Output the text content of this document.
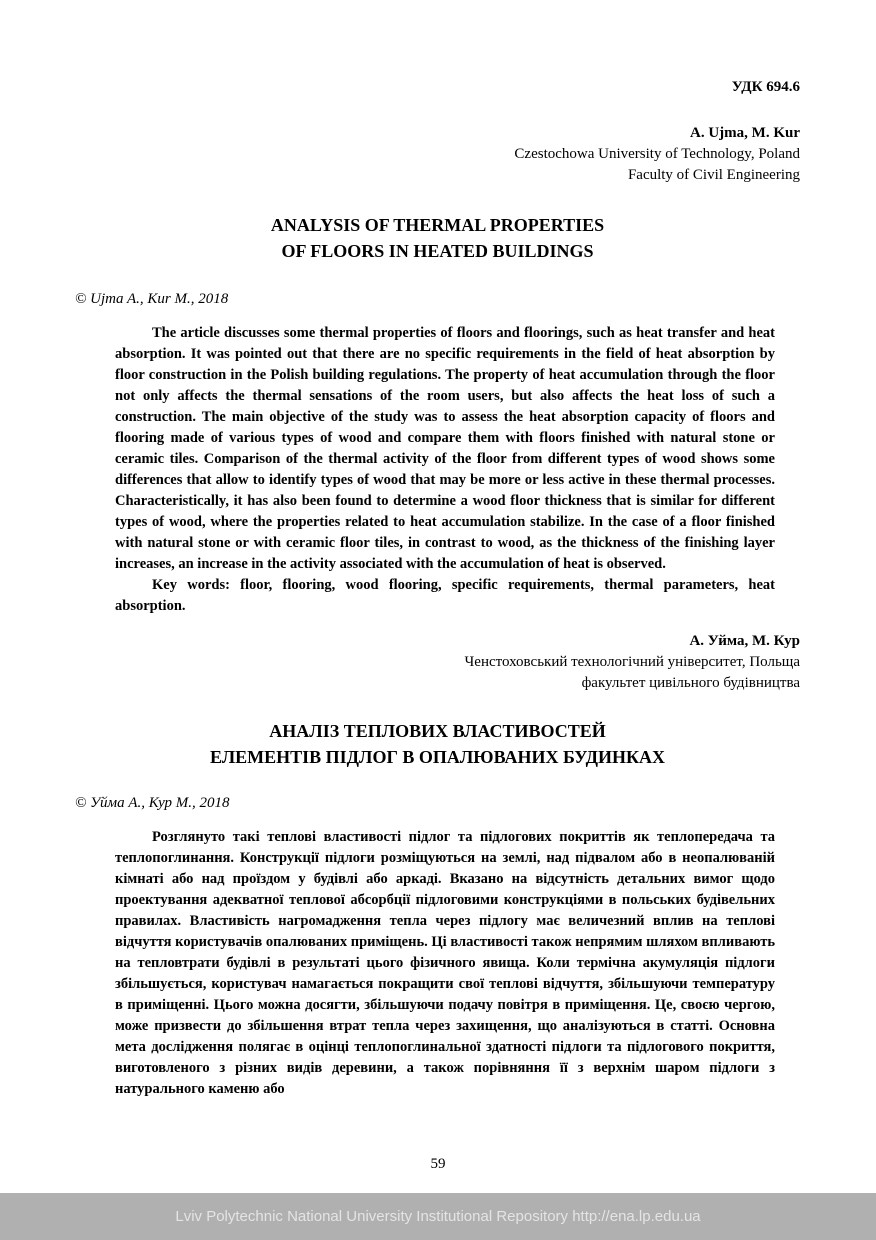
УДК 694.6
A. Ujma, M. Kur
Czestochowa University of Technology, Poland
Faculty of Civil Engineering
ANALYSIS OF THERMAL PROPERTIES
OF FLOORS IN HEATED BUILDINGS
© Ujma A., Kur M., 2018

The article discusses some thermal properties of floors and floorings, such as heat transfer and heat absorption. It was pointed out that there are no specific requirements in the field of heat absorption by floor construction in the Polish building regulations. The property of heat accumulation through the floor not only affects the thermal sensations of the room users, but also affects the heat loss of such a construction. The main objective of the study was to assess the heat absorption capacity of floors and flooring made of various types of wood and compare them with floors finished with natural stone or ceramic tiles. Comparison of the thermal activity of the floor from different types of wood shows some differences that allow to identify types of wood that may be more or less active in these thermal processes. Characteristically, it has also been found to determine a wood floor thickness that is similar for different types of wood, where the properties related to heat accumulation stabilize. In the case of a floor finished with natural stone or with ceramic floor tiles, in contrast to wood, as the thickness of the finishing layer increases, an increase in the activity associated with the accumulation of heat is observed.

Key words: floor, flooring, wood flooring, specific requirements, thermal parameters, heat absorption.

А. Уйма, М. Кур
Ченстоховський технологічний університет, Польща
факультет цивільного будівництва
АНАЛІЗ ТЕПЛОВИХ ВЛАСТИВОСТЕЙ
ЕЛЕМЕНТІВ ПІДЛОГ В ОПАЛЮВАНИХ БУДИНКАХ
© Уйма А., Кур М., 2018

Розглянуто такі теплові властивості підлог та підлогових покриттів як теплопередача та теплопоглинання. Конструкції підлоги розміщуються на землі, над підвалом або в неопалюваній кімнаті або над проїздом у будівлі або аркаді. Вказано на відсутність детальних вимог щодо проектування адекватної теплової абсорбції підлоговими конструкціями в польських будівельних правилах. Властивість нагромадження тепла через підлогу має величезний вплив на теплові відчуття користувачів опалюваних приміщень. Ці властивості також непрямим шляхом впливають на тепловтрати будівлі в результаті цього фізичного явища. Коли термічна акумуляція підлоги збільшується, користувач намагається покращити свої теплові відчуття, збільшуючи температуру в приміщенні. Цього можна досягти, збільшуючи подачу повітря в приміщення. Це, своєю чергою, може призвести до збільшення втрат тепла через захищення, що аналізуються в статті. Основна мета дослідження полягає в оцінці теплопоглинальної здатності підлоги та підлогового покриття, виготовленого з різних видів деревини, а також порівняння її з верхнім шаром підлоги з натурального каменю або

59
Lviv Polytechnic National University Institutional Repository http://ena.lp.edu.ua
